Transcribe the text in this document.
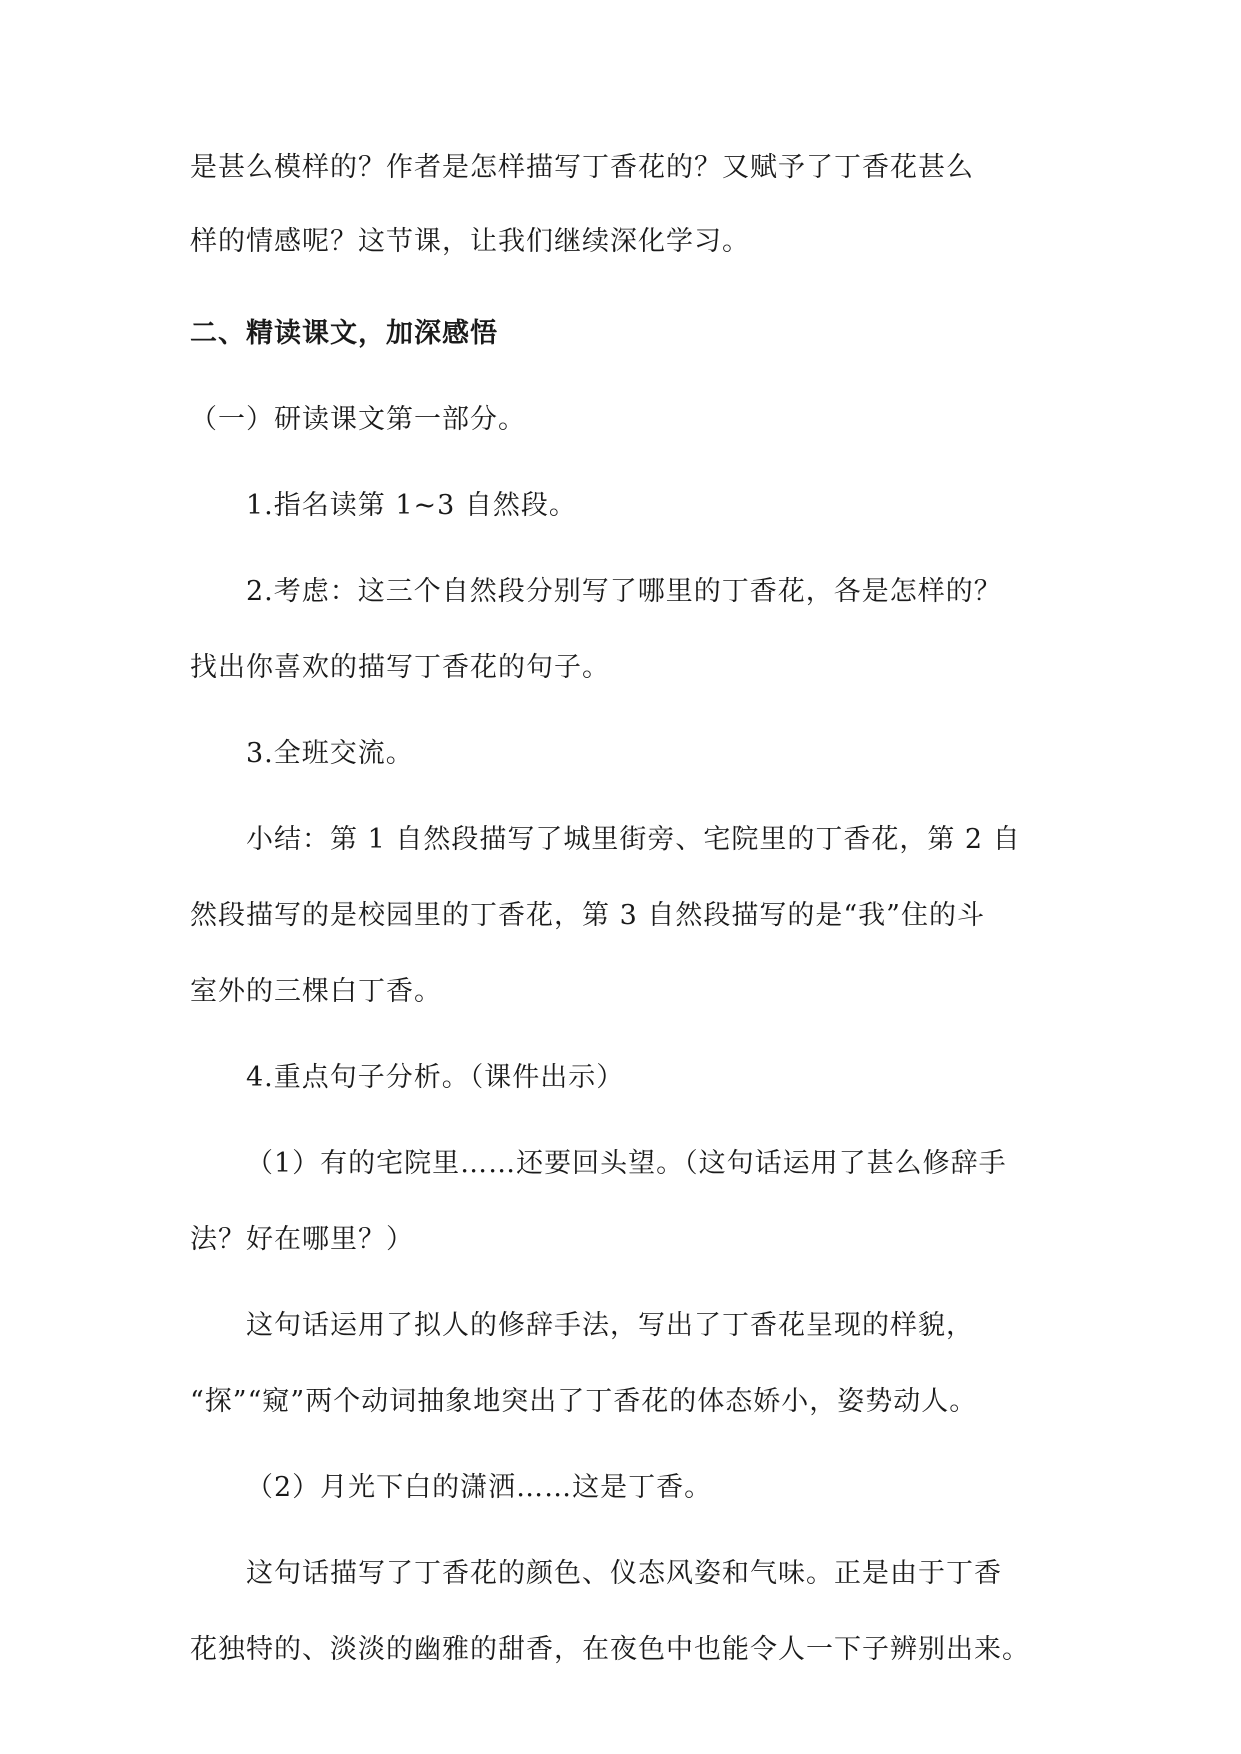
是甚么模样的？作者是怎样描写丁香花的？又赋予了丁香花甚么
样的情感呢？这节课，让我们继续深化学习。
二、精读课文，加深感悟
（一）研读课文第一部分。
1.指名读第 1~3 自然段。
2.考虑：这三个自然段分别写了哪里的丁香花，各是怎样的？
找出你喜欢的描写丁香花的句子。
3.全班交流。
小结：第 1 自然段描写了城里街旁、宅院里的丁香花，第 2 自
然段描写的是校园里的丁香花，第 3 自然段描写的是“我”住的斗
室外的三棵白丁香。
4.重点句子分析。（课件出示）
（1）有的宅院里……还要回头望。（这句话运用了甚么修辞手
法？好在哪里？）
这句话运用了拟人的修辞手法，写出了丁香花呈现的样貌，
“探”“窥”两个动词抽象地突出了丁香花的体态娇小，姿势动人。
（2）月光下白的潇洒……这是丁香。
这句话描写了丁香花的颜色、仪态风姿和气味。正是由于丁香
花独特的、淡淡的幽雅的甜香，在夜色中也能令人一下子辨别出来。
